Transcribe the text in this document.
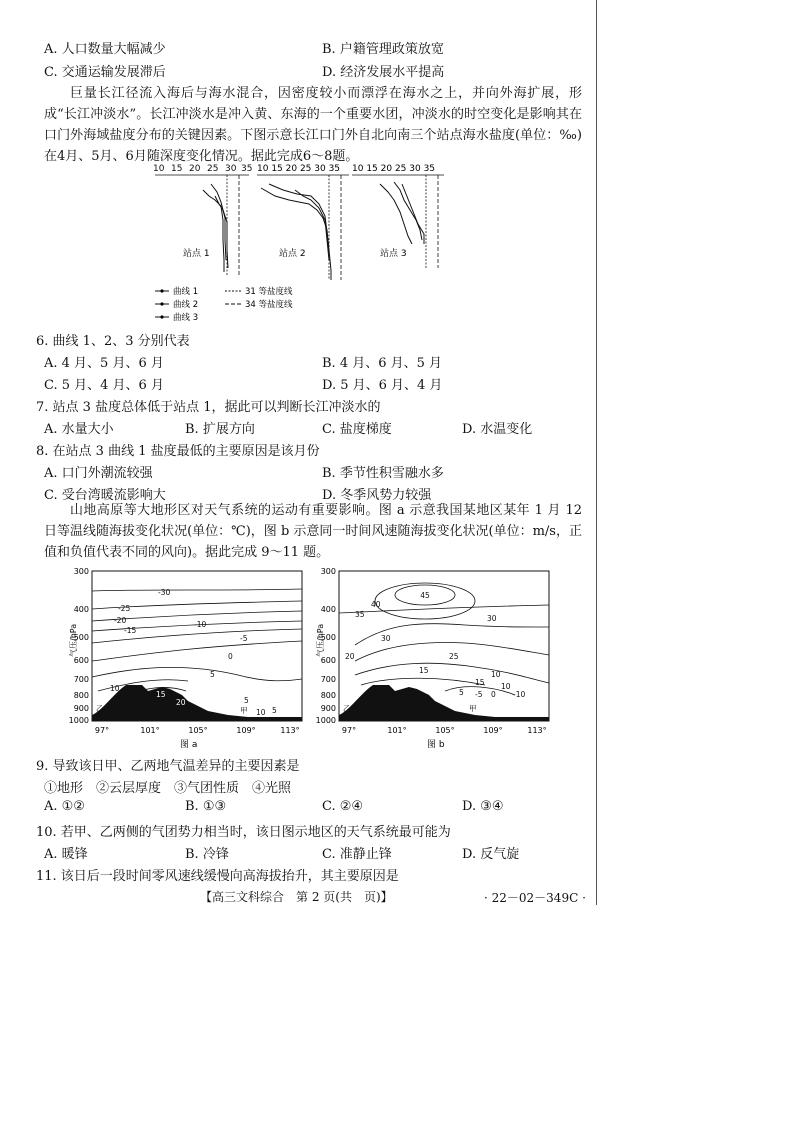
A. 人口数量大幅减少	B. 户籍管理政策放宽
C. 交通运输发展滞后	D. 经济发展水平提高
巨量长江径流入海后与海水混合，因密度较小而漂浮在海水之上，并向外海扩展，形成“长江冲淡水”。长江冲淡水是冲入黄、东海的一个重要水团，冲淡水的时空变化是影响其在口门外海域盐度分布的关键因素。下图示意长江口门外自北向南三个站点海水盐度(单位：‰)在4月、5月、6月随深度变化情况。据此完成6～8题。
10 15 20 25 30 35
站点 1
曲线 1
曲线 2
曲线 3
31 等盐度线
34 等盐度线
10 15 20 25 30 35
站点 2
10 15 20 25 30 35
站点 3
6. 曲线 1、2、3 分别代表
A. 4 月、5 月、6 月	B. 4 月、6 月、5 月
C. 5 月、4 月、6 月	D. 5 月、6 月、4 月
7. 站点 3 盐度总体低于站点 1，据此可以判断长江冲淡水的
A. 水量大小	B. 扩展方向	C. 盐度梯度	D. 水温变化
8. 在站点 3 曲线 1 盐度最低的主要原因是该月份
A. 口门外潮流较强	B. 季节性积雪融水多
C. 受台湾暖流影响大	D. 冬季风势力较强
山地高原等大地形区对天气系统的运动有重要影响。图 a 示意我国某地区某年 1 月 12 日等温线随海拔变化状况(单位：℃)，图 b 示意同一时间风速随海拔变化状况(单位：m/s，正值和负值代表不同的风向)。据此完成 9～11 题。
300
400
500
600
700
800
900
1000
气压/hPa
-30
-25
-20
-15
-10
-5
0
5
10
15
20	5
10 5
甲
乙
97°	101°	105°	109°	113°
图 a
300
400
500
600
700
800
900
1000
气压/hPa
45
40
35
30
30
25
20
15	10
15 10
5	0
-5	-10
甲
乙
97°	101°	105°	109°	113°
图 b
9. 导致该日甲、乙两地气温差异的主要因素是
①地形　②云层厚度　③气团性质　④光照
A. ①②	B. ①③	C. ②④	D. ③④
10. 若甲、乙两侧的气团势力相当时，该日图示地区的天气系统最可能为
A. 暖锋	B. 冷锋	C. 准静止锋	D. 反气旋
11. 该日后一段时间零风速线缓慢向高海拔抬升，其主要原因是
【高三文科综合　第 2 页(共　页)】	· 22－02－349C ·
